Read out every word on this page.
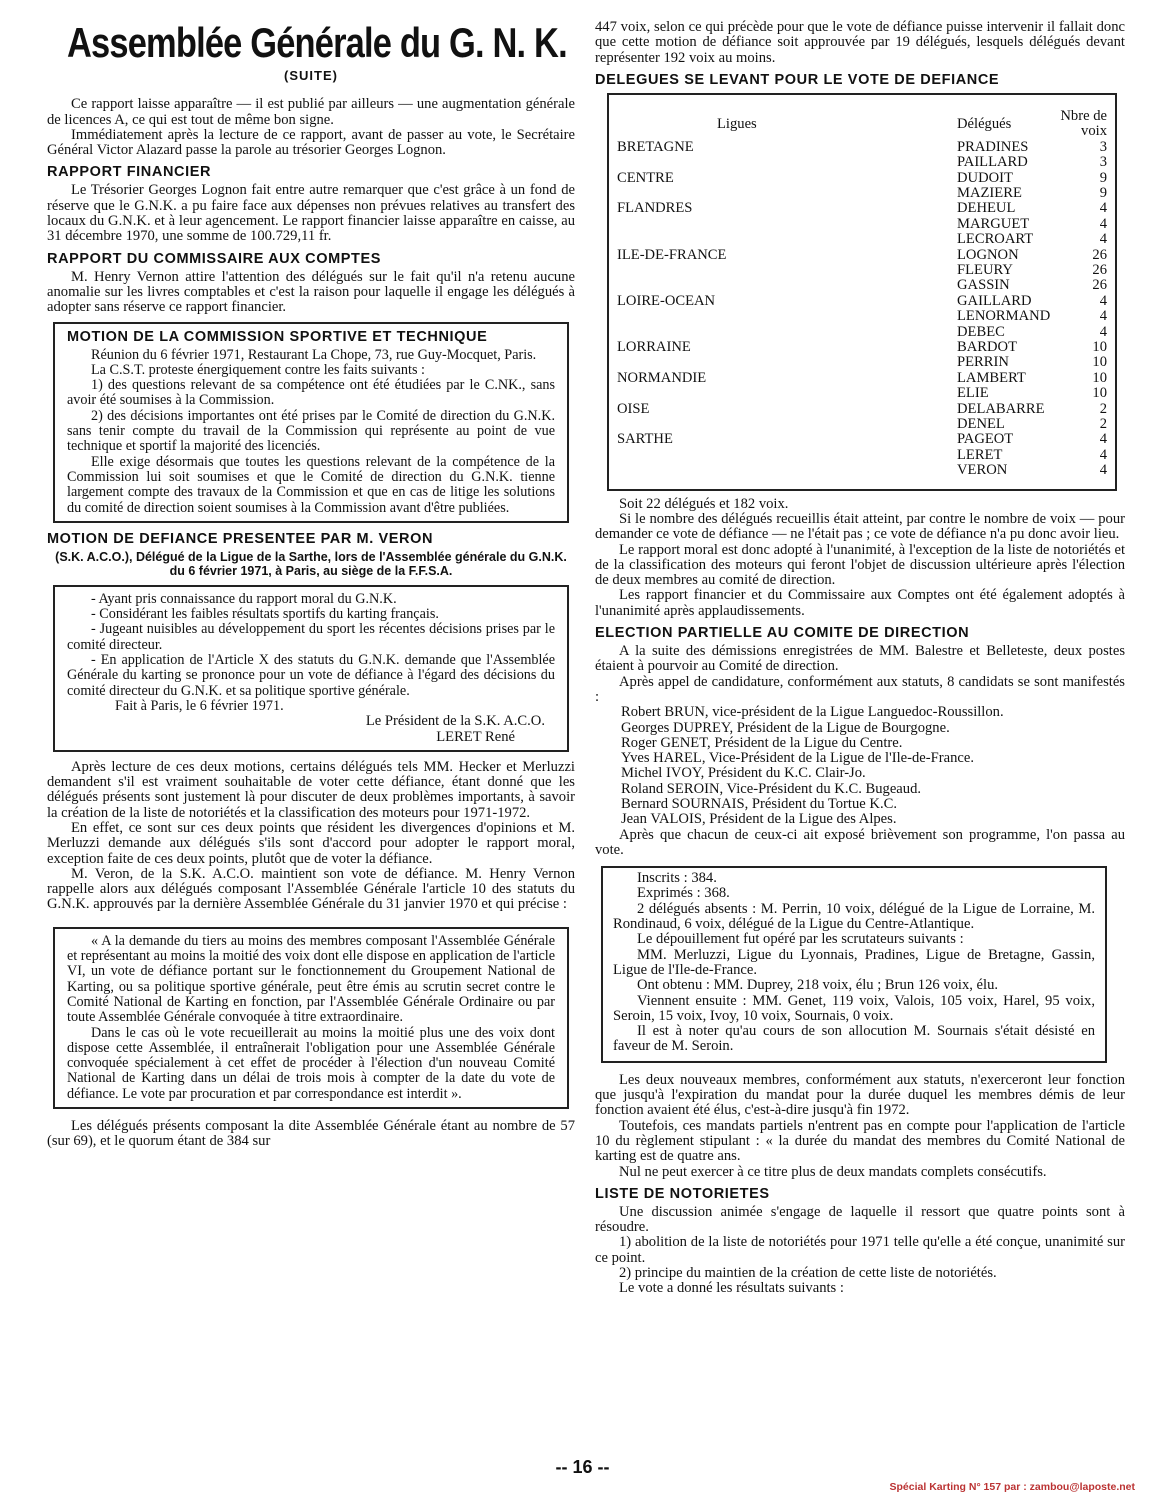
Assemblée Générale du G. N. K.
(SUITE)

Ce rapport laisse apparaître — il est publié par ailleurs — une augmentation générale de licences A, ce qui est tout de même bon signe.

Immédiatement après la lecture de ce rapport, avant de passer au vote, le Secrétaire Général Victor Alazard passe la parole au trésorier Georges Lognon.

RAPPORT FINANCIER

Le Trésorier Georges Lognon fait entre autre remarquer que c'est grâce à un fond de réserve que le G.N.K. a pu faire face aux dépenses non prévues relatives au transfert des locaux du G.N.K. et à leur agencement. Le rapport financier laisse apparaître en caisse, au 31 décembre 1970, une somme de 100.729,11 fr.

RAPPORT DU COMMISSAIRE AUX COMPTES

M. Henry Vernon attire l'attention des délégués sur le fait qu'il n'a retenu aucune anomalie sur les livres comptables et c'est la raison pour laquelle il engage les délégués à adopter sans réserve ce rapport financier.

MOTION DE LA COMMISSION SPORTIVE ET TECHNIQUE

Réunion du 6 février 1971, Restaurant La Chope, 73, rue Guy-Mocquet, Paris.

La C.S.T. proteste énergiquement contre les faits suivants :

1) des questions relevant de sa compétence ont été étudiées par le C.NK., sans avoir été soumises à la Commission.

2) des décisions importantes ont été prises par le Comité de direction du G.N.K. sans tenir compte du travail de la Commission qui représente au point de vue technique et sportif la majorité des licenciés.

Elle exige désormais que toutes les questions relevant de la compétence de la Commission lui soit soumises et que le Comité de direction du G.N.K. tienne largement compte des travaux de la Commission et que en cas de litige les solutions du comité de direction soient soumises à la Commission avant d'être publiées.

MOTION DE DEFIANCE PRESENTEE PAR M. VERON
(S.K. A.C.O.), Délégué de la Ligue de la Sarthe, lors de l'Assemblée générale du G.N.K. du 6 février 1971, à Paris, au siège de la F.F.S.A.

- Ayant pris connaissance du rapport moral du G.N.K.

- Considérant les faibles résultats sportifs du karting français.

- Jugeant nuisibles au développement du sport les récentes décisions prises par le comité directeur.

- En application de l'Article X des statuts du G.N.K. demande que l'Assemblée Générale du karting se prononce pour un vote de défiance à l'égard des décisions du comité directeur du G.N.K. et sa politique sportive générale.

Fait à Paris, le 6 février 1971.

Le Président de la S.K. A.C.O.
LERET René

Après lecture de ces deux motions, certains délégués tels MM. Hecker et Merluzzi demandent s'il est vraiment souhaitable de voter cette défiance, étant donné que les délégués présents sont justement là pour discuter de deux problèmes importants, à savoir la création de la liste de notoriétés et la classification des moteurs pour 1971-1972.

En effet, ce sont sur ces deux points que résident les divergences d'opinions et M. Merluzzi demande aux délégués s'ils sont d'accord pour adopter le rapport moral, exception faite de ces deux points, plutôt que de voter la défiance.

M. Veron, de la S.K. A.C.O. maintient son vote de défiance. M. Henry Vernon rappelle alors aux délégués composant l'Assemblée Générale l'article 10 des statuts du G.N.K. approuvés par la dernière Assemblée Générale du 31 janvier 1970 et qui précise :

« A la demande du tiers au moins des membres composant l'Assemblée Générale et représentant au moins la moitié des voix dont elle dispose en application de l'article VI, un vote de défiance portant sur le fonctionnement du Groupement National de Karting, ou sa politique sportive générale, peut être émis au scrutin secret contre le Comité National de Karting en fonction, par l'Assemblée Générale Ordinaire ou par toute Assemblée Générale convoquée à titre extraordinaire.

Dans le cas où le vote recueillerait au moins la moitié plus une des voix dont dispose cette Assemblée, il entraînerait l'obligation pour une Assemblée Générale convoquée spécialement à cet effet de procéder à l'élection d'un nouveau Comité National de Karting dans un délai de trois mois à compter de la date du vote de défiance. Le vote par procuration et par correspondance est interdit ».

Les délégués présents composant la dite Assemblée Générale étant au nombre de 57 (sur 69), et le quorum étant de 384 sur

447 voix, selon ce qui précède pour que le vote de défiance puisse intervenir il fallait donc que cette motion de défiance soit approuvée par 19 délégués, lesquels délégués devant représenter 192 voix au moins.

DELEGUES SE LEVANT POUR LE VOTE DE DEFIANCE
Ligues	Délégués	Nbre de voix
BRETAGNE	PRADINES	3
	PAILLARD	3
CENTRE	DUDOIT	9
	MAZIERE	9
FLANDRES	DEHEUL	4
	MARGUET	4
	LECROART	4
ILE-DE-FRANCE	LOGNON	26
	FLEURY	26
	GASSIN	26
LOIRE-OCEAN	GAILLARD	4
	LENORMAND	4
	DEBEC	4
LORRAINE	BARDOT	10
	PERRIN	10
NORMANDIE	LAMBERT	10
	ELIE	10
OISE	DELABARRE	2
	DENEL	2
SARTHE	PAGEOT	4
	LERET	4
	VERON	4

Soit 22 délégués et 182 voix.

Si le nombre des délégués recueillis était atteint, par contre le nombre de voix — pour demander ce vote de défiance — ne l'était pas ; ce vote de défiance n'a pu donc avoir lieu.

Le rapport moral est donc adopté à l'unanimité, à l'exception de la liste de notoriétés et de la classification des moteurs qui feront l'objet de discussion ultérieure après l'élection de deux membres au comité de direction.

Les rapport financier et du Commissaire aux Comptes ont été également adoptés à l'unanimité après applaudissements.

ELECTION PARTIELLE AU COMITE DE DIRECTION

A la suite des démissions enregistrées de MM. Balestre et Belleteste, deux postes étaient à pourvoir au Comité de direction.

Après appel de candidature, conformément aux statuts, 8 candidats se sont manifestés :

Robert BRUN, vice-président de la Ligue Languedoc-Roussillon.
Georges DUPREY, Président de la Ligue de Bourgogne.
Roger GENET, Président de la Ligue du Centre.
Yves HAREL, Vice-Président de la Ligue de l'Ile-de-France.
Michel IVOY, Président du K.C. Clair-Jo.
Roland SEROIN, Vice-Président du K.C. Bugeaud.
Bernard SOURNAIS, Président du Tortue K.C.
Jean VALOIS, Président de la Ligue des Alpes.

Après que chacun de ceux-ci ait exposé brièvement son programme, l'on passa au vote.

Inscrits : 384.

Exprimés : 368.

2 délégués absents : M. Perrin, 10 voix, délégué de la Ligue de Lorraine, M. Rondinaud, 6 voix, délégué de la Ligue du Centre-Atlantique.

Le dépouillement fut opéré par les scrutateurs suivants :

MM. Merluzzi, Ligue du Lyonnais, Pradines, Ligue de Bretagne, Gassin, Ligue de l'Ile-de-France.

Ont obtenu : MM. Duprey, 218 voix, élu ; Brun 126 voix, élu.

Viennent ensuite : MM. Genet, 119 voix, Valois, 105 voix, Harel, 95 voix, Seroin, 15 voix, Ivoy, 10 voix, Sournais, 0 voix.

Il est à noter qu'au cours de son allocution M. Sournais s'était désisté en faveur de M. Seroin.

Les deux nouveaux membres, conformément aux statuts, n'exerceront leur fonction que jusqu'à l'expiration du mandat pour la durée duquel les membres démis de leur fonction avaient été élus, c'est-à-dire jusqu'à fin 1972.

Toutefois, ces mandats partiels n'entrent pas en compte pour l'application de l'article 10 du règlement stipulant : « la durée du mandat des membres du Comité National de karting est de quatre ans.

Nul ne peut exercer à ce titre plus de deux mandats complets consécutifs.

LISTE DE NOTORIETES

Une discussion animée s'engage de laquelle il ressort que quatre points sont à résoudre.

1) abolition de la liste de notoriétés pour 1971 telle qu'elle a été conçue, unanimité sur ce point.

2) principe du maintien de la création de cette liste de notoriétés.

Le vote a donné les résultats suivants :

-- 16 --
Spécial Karting N° 157 par : zambou@laposte.net
